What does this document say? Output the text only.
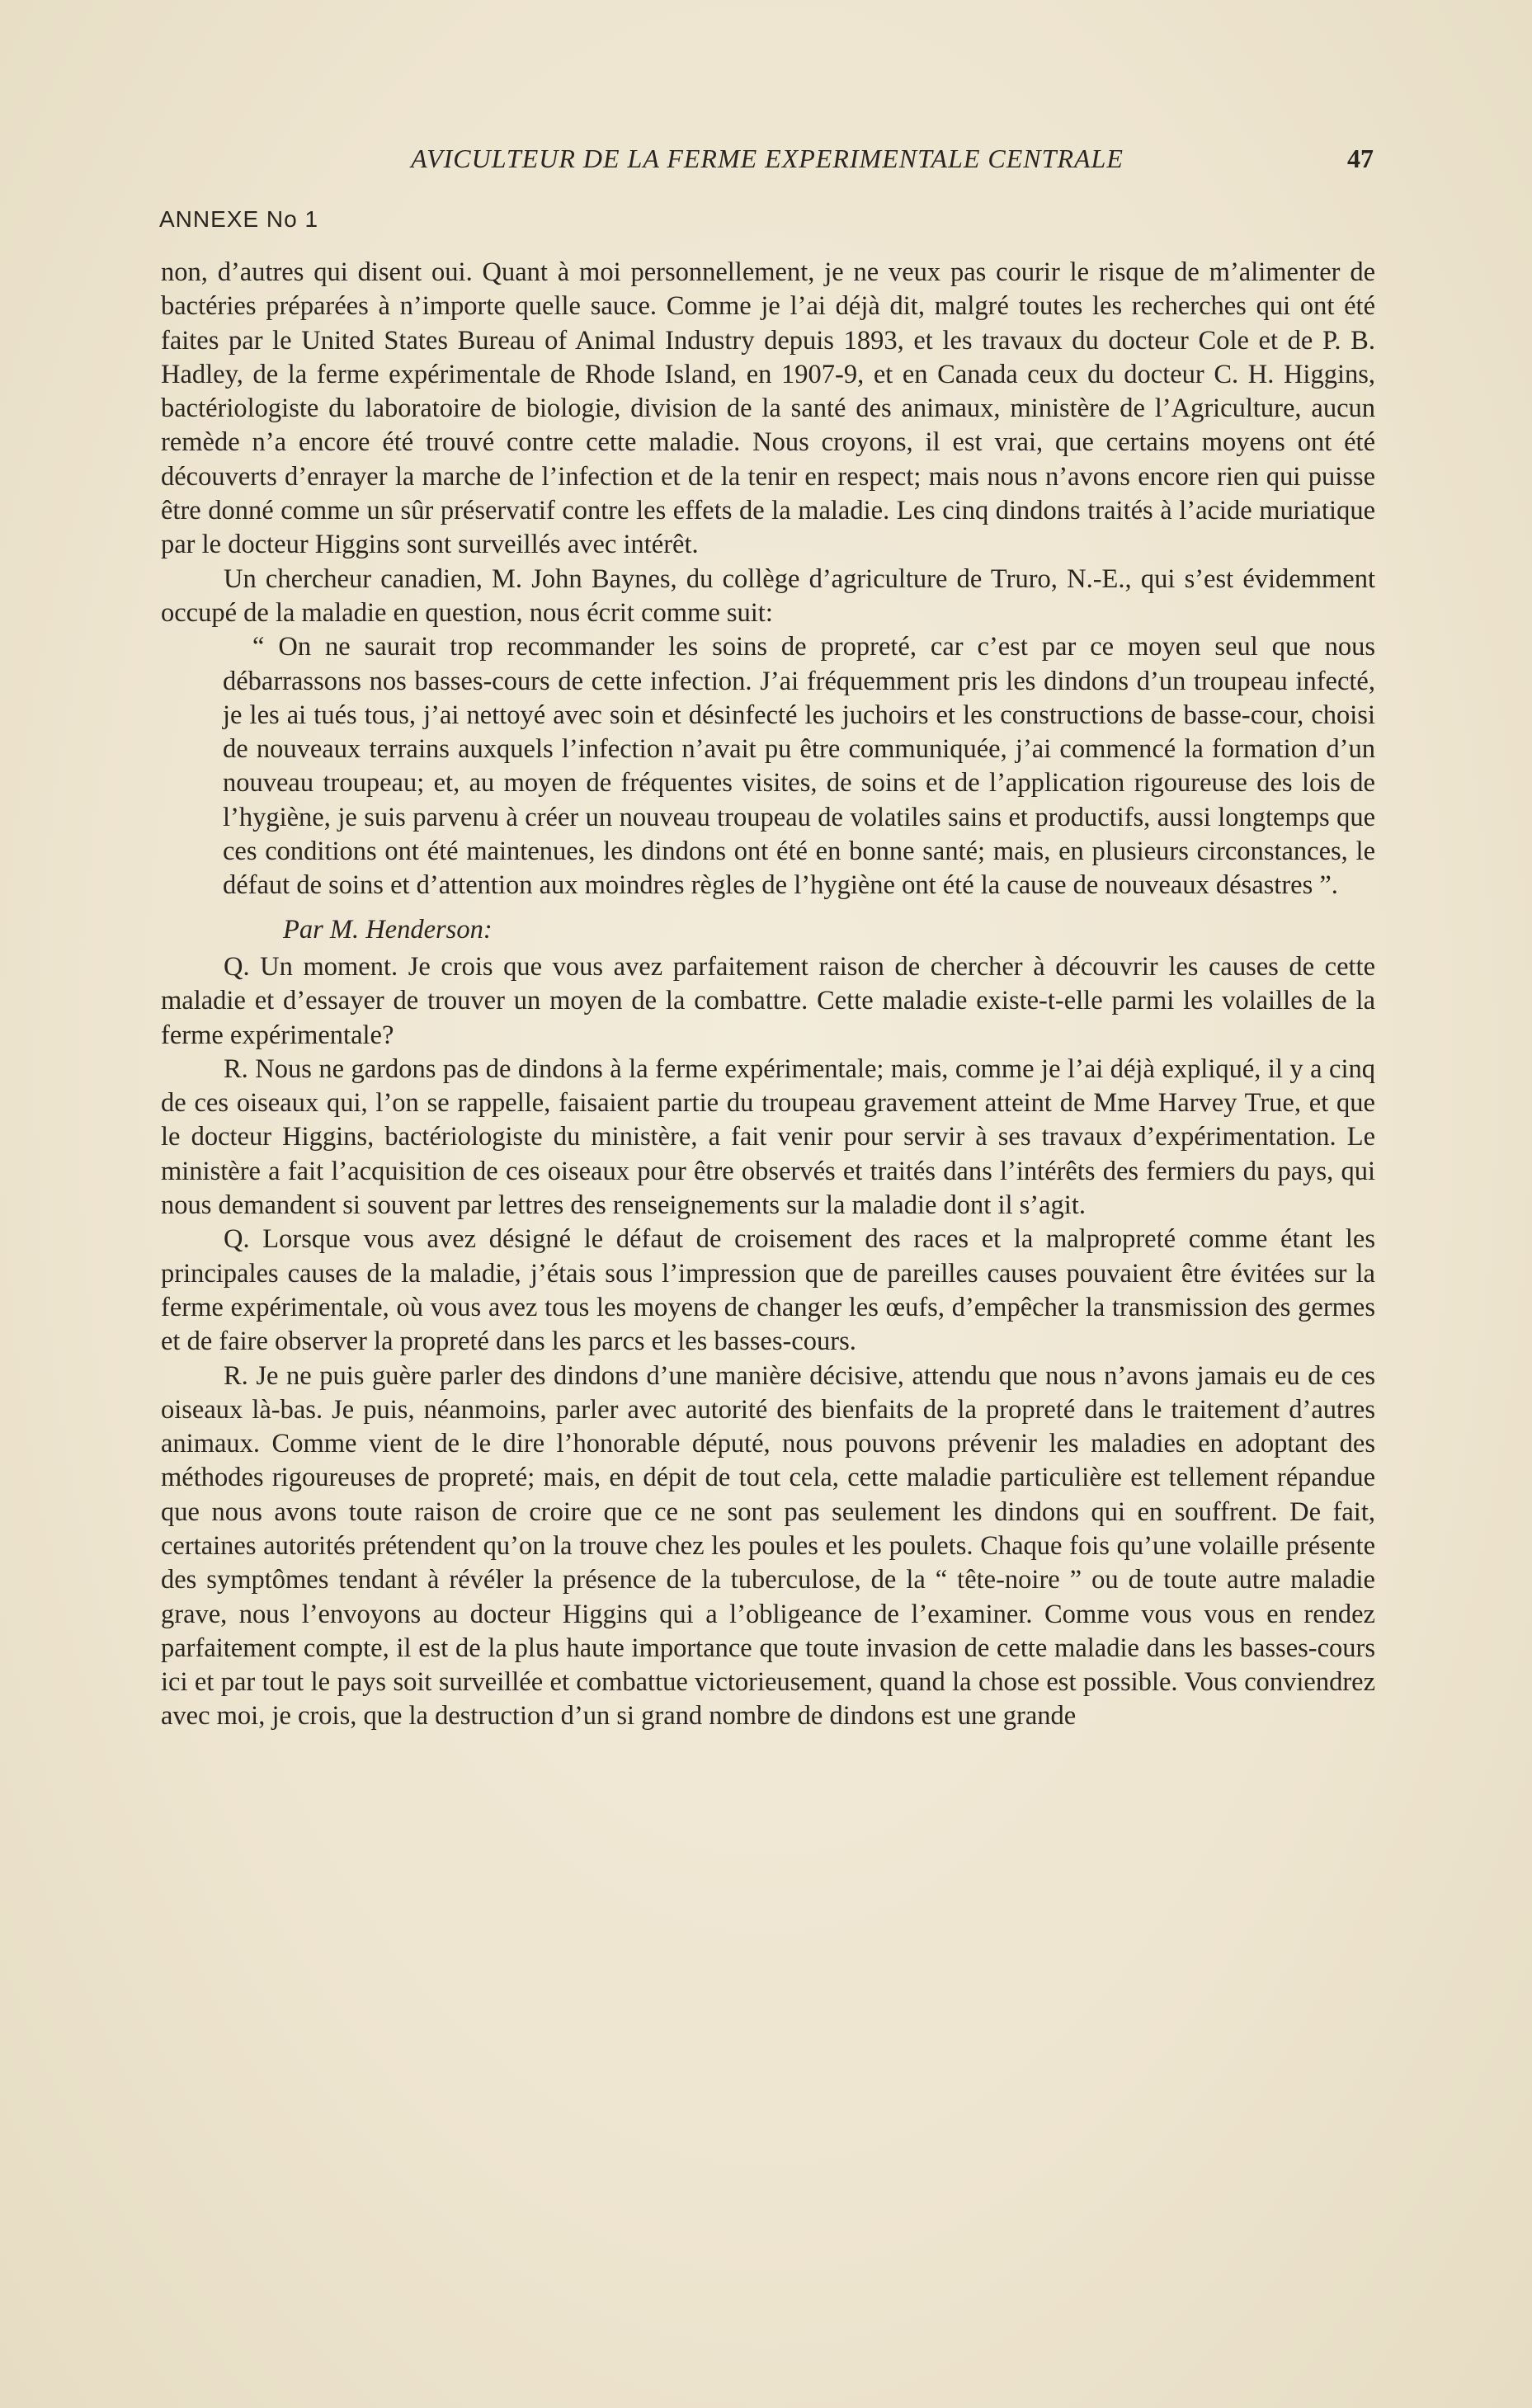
AVICULTEUR DE LA FERME EXPERIMENTALE CENTRALE	47
ANNEXE No 1

non, d’autres qui disent oui. Quant à moi personnellement, je ne veux pas courir le risque de m’alimenter de bactéries préparées à n’importe quelle sauce. Comme je l’ai déjà dit, malgré toutes les recherches qui ont été faites par le United States Bureau of Animal Industry depuis 1893, et les travaux du docteur Cole et de P. B. Hadley, de la ferme expérimentale de Rhode Island, en 1907-9, et en Canada ceux du docteur C. H. Higgins, bactériologiste du laboratoire de biologie, division de la santé des animaux, ministère de l’Agriculture, aucun remède n’a encore été trouvé contre cette maladie. Nous croyons, il est vrai, que certains moyens ont été découverts d’enrayer la marche de l’infection et de la tenir en respect; mais nous n’avons encore rien qui puisse être donné comme un sûr préservatif contre les effets de la maladie. Les cinq dindons traités à l’acide muriatique par le docteur Higgins sont surveillés avec intérêt.

Un chercheur canadien, M. John Baynes, du collège d’agriculture de Truro, N.-E., qui s’est évidemment occupé de la maladie en question, nous écrit comme suit:

“ On ne saurait trop recommander les soins de propreté, car c’est par ce moyen seul que nous débarrassons nos basses-cours de cette infection. J’ai fréquemment pris les dindons d’un troupeau infecté, je les ai tués tous, j’ai nettoyé avec soin et désinfecté les juchoirs et les constructions de basse-cour, choisi de nouveaux terrains auxquels l’infection n’avait pu être communiquée, j’ai commencé la formation d’un nouveau troupeau; et, au moyen de fréquentes visites, de soins et de l’application rigoureuse des lois de l’hygiène, je suis parvenu à créer un nouveau troupeau de volatiles sains et productifs, aussi longtemps que ces conditions ont été maintenues, les dindons ont été en bonne santé; mais, en plusieurs circonstances, le défaut de soins et d’attention aux moindres règles de l’hygiène ont été la cause de nouveaux désastres ”.

Par M. Henderson:

Q. Un moment. Je crois que vous avez parfaitement raison de chercher à découvrir les causes de cette maladie et d’essayer de trouver un moyen de la combattre. Cette maladie existe-t-elle parmi les volailles de la ferme expérimentale?

R. Nous ne gardons pas de dindons à la ferme expérimentale; mais, comme je l’ai déjà expliqué, il y a cinq de ces oiseaux qui, l’on se rappelle, faisaient partie du troupeau gravement atteint de Mme Harvey True, et que le docteur Higgins, bactériologiste du ministère, a fait venir pour servir à ses travaux d’expérimentation. Le ministère a fait l’acquisition de ces oiseaux pour être observés et traités dans l’intérêts des fermiers du pays, qui nous demandent si souvent par lettres des renseignements sur la maladie dont il s’agit.

Q. Lorsque vous avez désigné le défaut de croisement des races et la malpropreté comme étant les principales causes de la maladie, j’étais sous l’impression que de pareilles causes pouvaient être évitées sur la ferme expérimentale, où vous avez tous les moyens de changer les œufs, d’empêcher la transmission des germes et de faire observer la propreté dans les parcs et les basses-cours.

R. Je ne puis guère parler des dindons d’une manière décisive, attendu que nous n’avons jamais eu de ces oiseaux là-bas. Je puis, néanmoins, parler avec autorité des bienfaits de la propreté dans le traitement d’autres animaux. Comme vient de le dire l’honorable député, nous pouvons prévenir les maladies en adoptant des méthodes rigoureuses de propreté; mais, en dépit de tout cela, cette maladie particulière est tellement répandue que nous avons toute raison de croire que ce ne sont pas seulement les dindons qui en souffrent. De fait, certaines autorités prétendent qu’on la trouve chez les poules et les poulets. Chaque fois qu’une volaille présente des symptômes tendant à révéler la présence de la tuberculose, de la “ tête-noire ” ou de toute autre maladie grave, nous l’envoyons au docteur Higgins qui a l’obligeance de l’examiner. Comme vous vous en rendez parfaitement compte, il est de la plus haute importance que toute invasion de cette maladie dans les basses-cours ici et par tout le pays soit surveillée et combattue victorieusement, quand la chose est possible. Vous conviendrez avec moi, je crois, que la destruction d’un si grand nombre de dindons est une grande
